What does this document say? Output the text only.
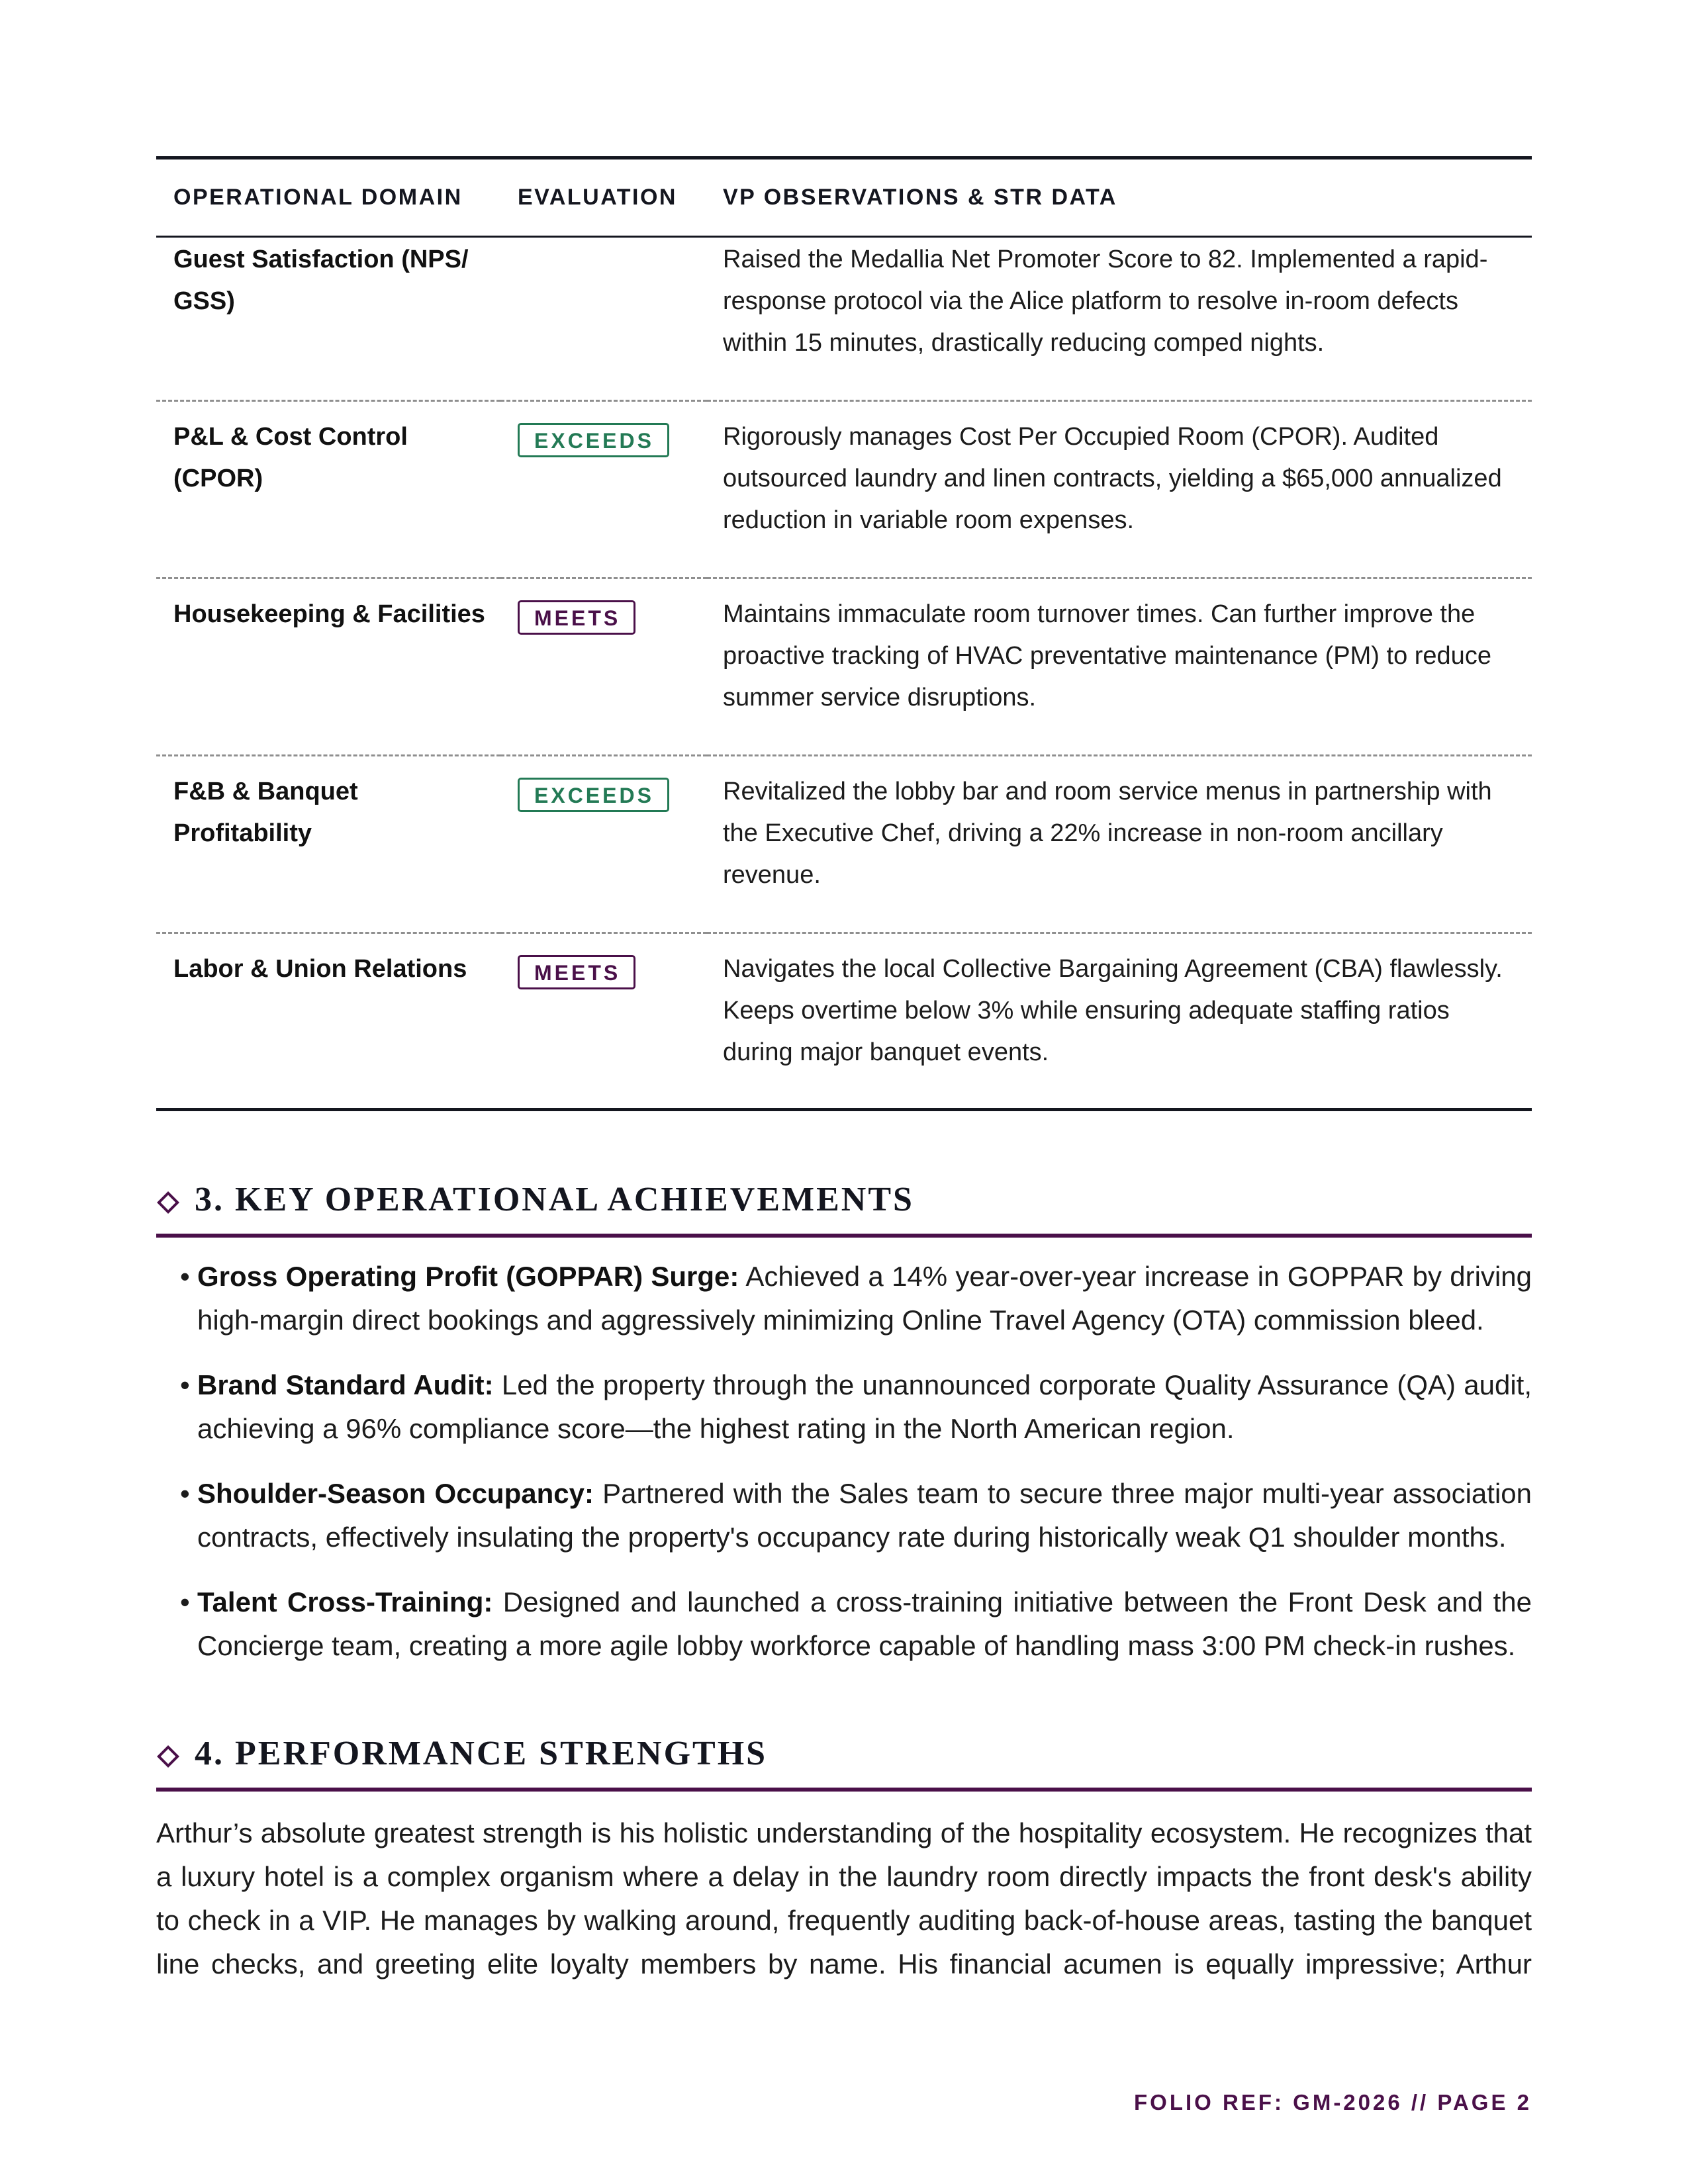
OPERATIONAL DOMAIN	EVALUATION	VP OBSERVATIONS & STR DATA
Guest Satisfaction (NPS/ GSS)		Raised the Medallia Net Promoter Score to 82. Implemented a rapid-response protocol via the Alice platform to resolve in-room defects within 15 minutes, drastically reducing comped nights.
P&L & Cost Control (CPOR)	EXCEEDS	Rigorously manages Cost Per Occupied Room (CPOR). Audited outsourced laundry and linen contracts, yielding a $65,000 annualized reduction in variable room expenses.
Housekeeping & Facilities	MEETS	Maintains immaculate room turnover times. Can further improve the proactive tracking of HVAC preventative maintenance (PM) to reduce summer service disruptions.
F&B & Banquet Profitability	EXCEEDS	Revitalized the lobby bar and room service menus in partnership with the Executive Chef, driving a 22% increase in non-room ancillary revenue.
Labor & Union Relations	MEETS	Navigates the local Collective Bargaining Agreement (CBA) flawlessly. Keeps overtime below 3% while ensuring adequate staffing ratios during major banquet events.
3. KEY OPERATIONAL ACHIEVEMENTS
• Gross Operating Profit (GOPPAR) Surge: Achieved a 14% year-over-year increase in GOPPAR by driving high-margin direct bookings and aggressively minimizing Online Travel Agency (OTA) commission bleed.
• Brand Standard Audit: Led the property through the unannounced corporate Quality Assurance (QA) audit, achieving a 96% compliance score—the highest rating in the North American region.
• Shoulder-Season Occupancy: Partnered with the Sales team to secure three major multi-year association contracts, effectively insulating the property's occupancy rate during historically weak Q1 shoulder months.
• Talent Cross-Training: Designed and launched a cross-training initiative between the Front Desk and the Concierge team, creating a more agile lobby workforce capable of handling mass 3:00 PM check-in rushes.
4. PERFORMANCE STRENGTHS

Arthur’s absolute greatest strength is his holistic understanding of the hospitality ecosystem. He recognizes that a luxury hotel is a complex organism where a delay in the laundry room directly impacts the front desk's ability to check in a VIP. He manages by walking around, frequently auditing back-of-house areas, tasting the banquet line checks, and greeting elite loyalty members by name. His financial acumen is equally impressive; Arthur

FOLIO REF: GM-2026 // PAGE 2
